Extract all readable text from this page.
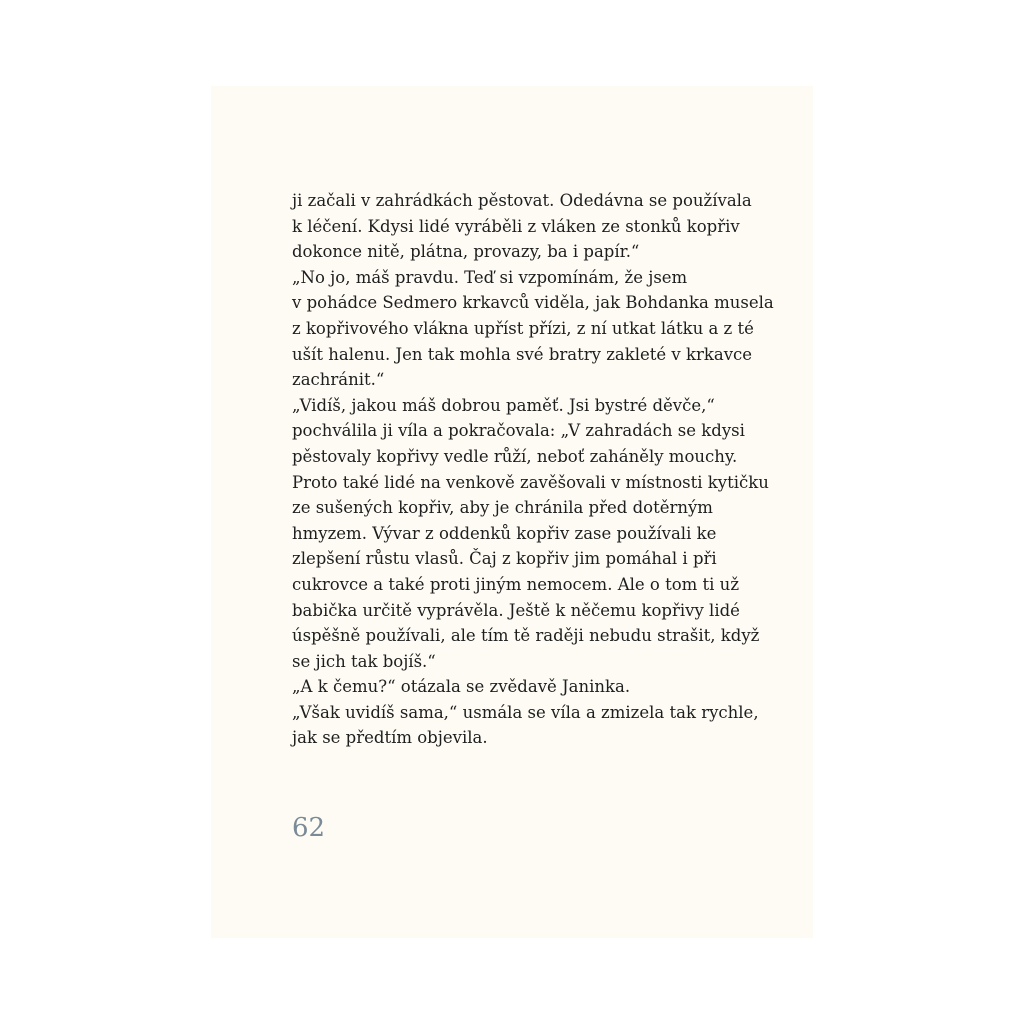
ji začali v zahrádkách pěstovat. Odedávna se používala
k léčení. Kdysi lidé vyráběli z vláken ze stonků kopřiv
dokonce nitě, plátna, provazy, ba i papír.“
„No jo, máš pravdu. Teď si vzpomínám, že jsem
v pohádce Sedmero krkavců viděla, jak Bohdanka musela
z kopřivového vlákna upříst přízi, z ní utkat látku a z té
ušít halenu. Jen tak mohla své bratry zakleté v krkavce
zachránit.“
„Vidíš, jakou máš dobrou paměť. Jsi bystré děvče,“
pochválila ji víla a pokračovala: „V zahradách se kdysi
pěstovaly kopřivy vedle růží, neboť zaháněly mouchy.
Proto také lidé na venkově zavěšovali v místnosti kytičku
ze sušených kopřiv, aby je chránila před dotěrným
hmyzem. Vývar z oddenků kopřiv zase používali ke
zlepšení růstu vlasů. Čaj z kopřiv jim pomáhal i při
cukrovce a také proti jiným nemocem. Ale o tom ti už
babička určitě vyprávěla. Ještě k něčemu kopřivy lidé
úspěšně používali, ale tím tě raději nebudu strašit, když
se jich tak bojíš.“
„A k čemu?“ otázala se zvědavě Janinka.
„Však uvidíš sama,“ usmála se víla a zmizela tak rychle,
jak se předtím objevila.
62
